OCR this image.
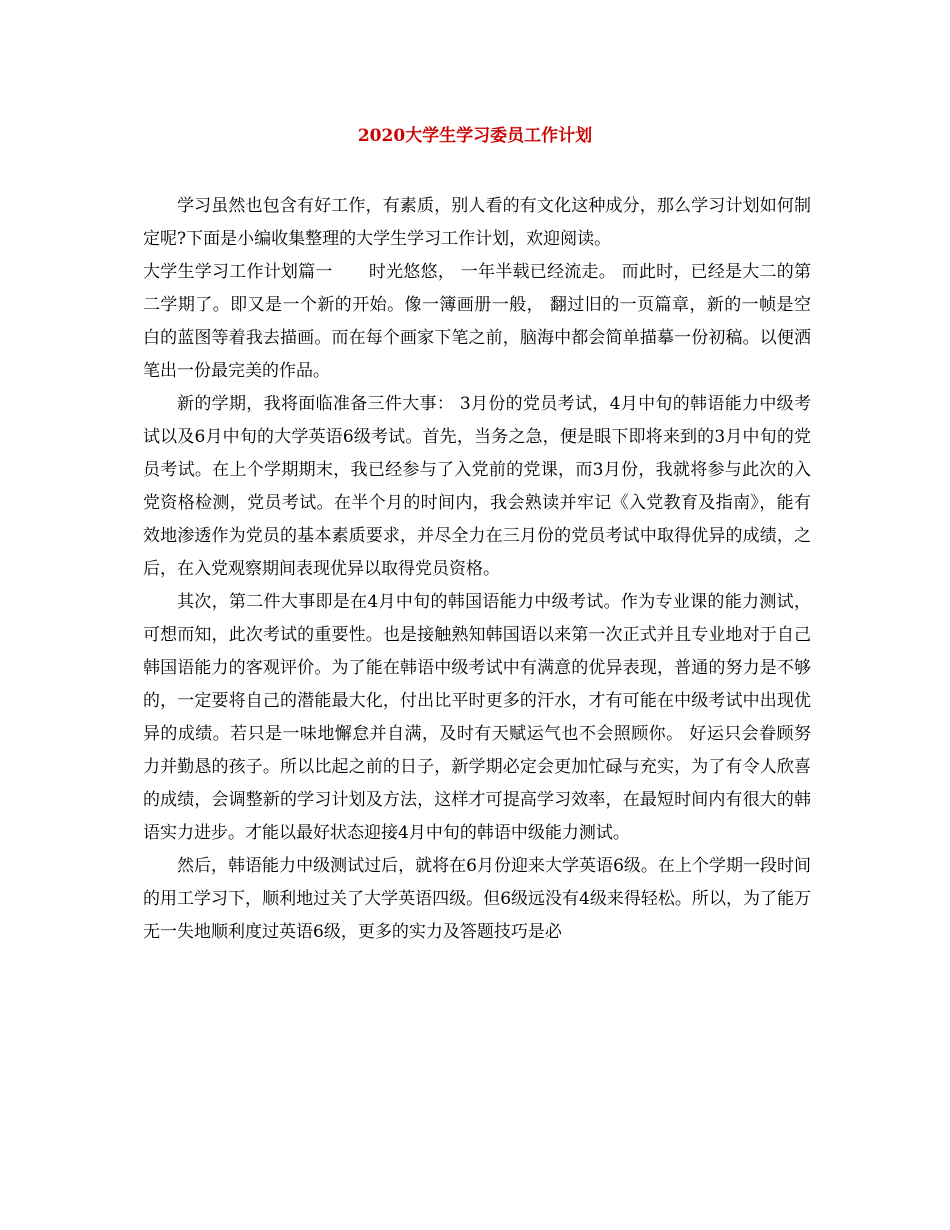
2020大学生学习委员工作计划

学习虽然也包含有好工作，有素质，别人看的有文化这种成分，那么学习计划如何制定呢?下面是小编收集整理的大学生学习工作计划，欢迎阅读。

大学生学习工作计划篇一 时光悠悠， 一年半载已经流走。 而此时，已经是大二的第二学期了。即又是一个新的开始。像一簿画册一般， 翻过旧的一页篇章，新的一帧是空白的蓝图等着我去描画。而在每个画家下笔之前，脑海中都会简单描摹一份初稿。以便洒笔出一份最完美的作品。

新的学期，我将面临准备三件大事： 3月份的党员考试，4月中旬的韩语能力中级考试以及6月中旬的大学英语6级考试。首先，当务之急，便是眼下即将来到的3月中旬的党员考试。在上个学期期末，我已经参与了入党前的党课，而3月份，我就将参与此次的入党资格检测，党员考试。在半个月的时间内，我会熟读并牢记《入党教育及指南》，能有效地渗透作为党员的基本素质要求，并尽全力在三月份的党员考试中取得优异的成绩，之后，在入党观察期间表现优异以取得党员资格。

其次，第二件大事即是在4月中旬的韩国语能力中级考试。作为专业课的能力测试，可想而知，此次考试的重要性。也是接触熟知韩国语以来第一次正式并且专业地对于自己韩国语能力的客观评价。为了能在韩语中级考试中有满意的优异表现，普通的努力是不够的，一定要将自己的潜能最大化，付出比平时更多的汗水，才有可能在中级考试中出现优异的成绩。若只是一味地懈怠并自满，及时有天赋运气也不会照顾你。 好运只会眷顾努力并勤恳的孩子。所以比起之前的日子，新学期必定会更加忙碌与充实，为了有令人欣喜的成绩，会调整新的学习计划及方法，这样才可提高学习效率，在最短时间内有很大的韩语实力进步。才能以最好状态迎接4月中旬的韩语中级能力测试。

然后，韩语能力中级测试过后，就将在6月份迎来大学英语6级。在上个学期一段时间的用工学习下，顺利地过关了大学英语四级。但6级远没有4级来得轻松。所以，为了能万无一失地顺利度过英语6级，更多的实力及答题技巧是必
